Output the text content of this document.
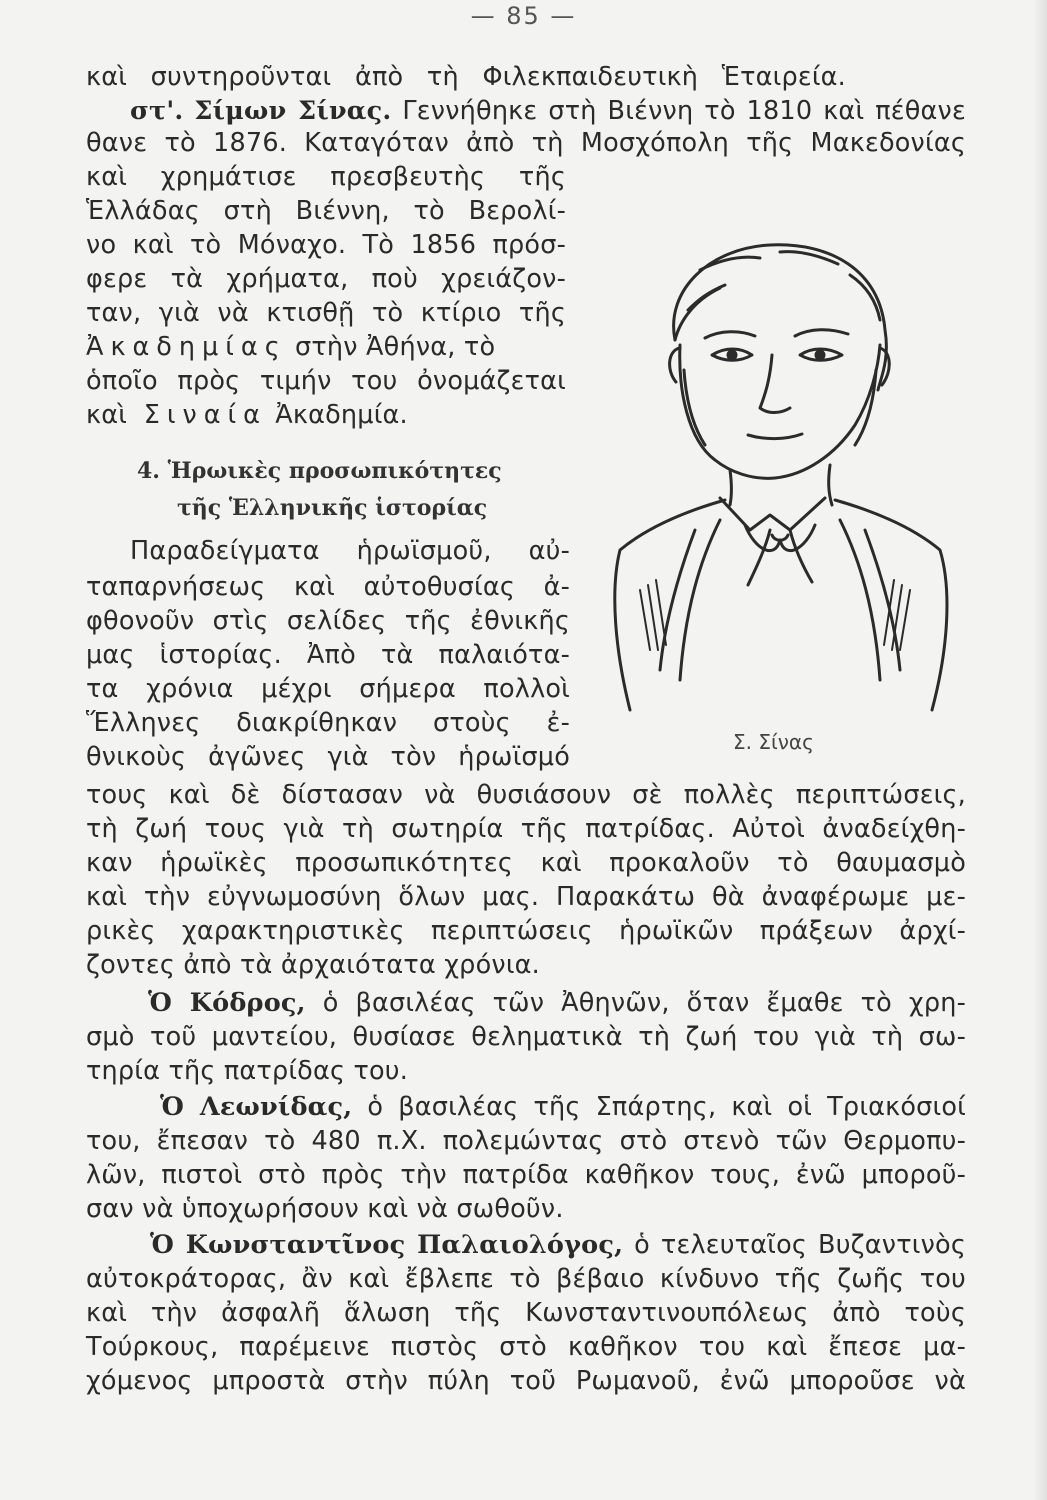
— 85 —
καὶ συντηροῦνται ἀπὸ τὴ Φιλεκπαιδευτικὴ Ἑταιρεία.
στ'. Σίμων Σίνας. Γεννήθηκε στὴ Βιέννη τὸ 1810 καὶ πέθανε
θανε τὸ 1876. Καταγόταν ἀπὸ τὴ Μοσχόπολη τῆς Μακεδονίας
καὶ χρημάτισε πρεσβευτὴς τῆς
Ἑλλάδας στὴ Βιέννη, τὸ Βερολί-
νο καὶ τὸ Μόναχο. Τὸ 1856 πρόσ-
φερε τὰ χρήματα, ποὺ χρειάζον-
ταν, γιὰ νὰ κτισθῇ τὸ κτίριο τῆς
Ἀκαδημίας στὴν Ἀθήνα, τὸ
ὁποῖο πρὸς τιμήν του ὀνομάζεται
καὶ Σιναία Ἀκαδημία.
4. Ἡρωικὲς προσωπικότητες
τῆς Ἑλληνικῆς ἱστορίας
Παραδείγματα ἡρωϊσμοῦ, αὐ-
ταπαρνήσεως καὶ αὐτοθυσίας ἀ-
φθονοῦν στὶς σελίδες τῆς ἐθνικῆς
μας ἱστορίας. Ἀπὸ τὰ παλαιότα-
τα χρόνια μέχρι σήμερα πολλοὶ
Ἕλληνες διακρίθηκαν στοὺς ἐ-
θνικοὺς ἀγῶνες γιὰ τὸν ἡρωϊσμό
τους καὶ δὲ δίστασαν νὰ θυσιάσουν σὲ πολλὲς περιπτώσεις,
τὴ ζωή τους γιὰ τὴ σωτηρία τῆς πατρίδας. Αὐτοὶ ἀναδείχθη-
καν ἡρωϊκὲς προσωπικότητες καὶ προκαλοῦν τὸ θαυμασμὸ
καὶ τὴν εὐγνωμοσύνη ὅλων μας. Παρακάτω θὰ ἀναφέρωμε με-
ρικὲς χαρακτηριστικὲς περιπτώσεις ἡρωϊκῶν πράξεων ἀρχί-
ζοντες ἀπὸ τὰ ἀρχαιότατα χρόνια.
Ὁ Κόδρος, ὁ βασιλέας τῶν Ἀθηνῶν, ὅταν ἔμαθε τὸ χρη-
σμὸ τοῦ μαντείου, θυσίασε θεληματικὰ τὴ ζωή του γιὰ τὴ σω-
τηρία τῆς πατρίδας του.
Ὁ Λεωνίδας, ὁ βασιλέας τῆς Σπάρτης, καὶ οἱ Τριακόσιοί
του, ἔπεσαν τὸ 480 π.Χ. πολεμώντας στὸ στενὸ τῶν Θερμοπυ-
λῶν, πιστοὶ στὸ πρὸς τὴν πατρίδα καθῆκον τους, ἐνῶ μποροῦ-
σαν νὰ ὑποχωρήσουν καὶ νὰ σωθοῦν.
Ὁ Κωνσταντῖνος Παλαιολόγος, ὁ τελευταῖος Βυζαντινὸς
αὐτοκράτορας, ἂν καὶ ἔβλεπε τὸ βέβαιο κίνδυνο τῆς ζωῆς του
καὶ τὴν ἀσφαλῆ ἅλωση τῆς Κωνσταντινουπόλεως ἀπὸ τοὺς
Τούρκους, παρέμεινε πιστὸς στὸ καθῆκον του καὶ ἔπεσε μα-
χόμενος μπροστὰ στὴν πύλη τοῦ Ρωμανοῦ, ἐνῶ μποροῦσε νὰ
Σ. Σίνας
